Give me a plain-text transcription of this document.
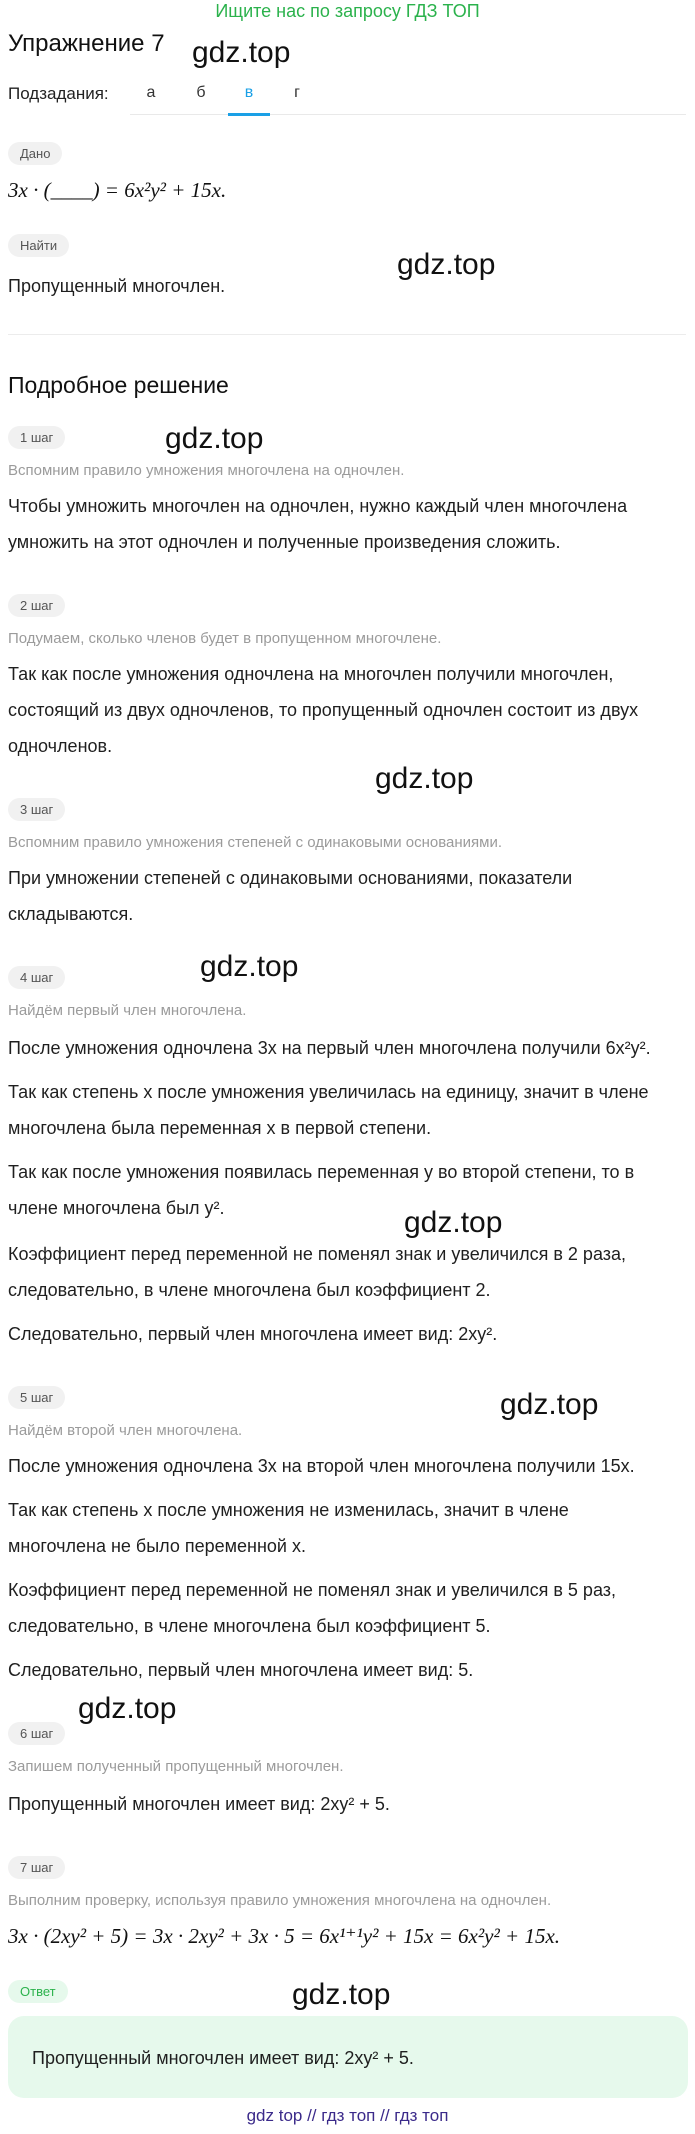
Ищите нас по запросу ГДЗ ТОП
Упражнение 7 gdz.top
gdz.top
gdz.top
gdz.top
gdz.top
gdz.top
gdz.top
gdz.top
gdz.top
Подзадания:	а	б	в	г
Дано
3x · (____) = 6x²y² + 15x.
Найти
Пропущенный многочлен.
Подробное решение
1 шаг
Вспомним правило умножения многочлена на одночлен.
Чтобы умножить многочлен на одночлен, нужно каждый член многочлена
умножить на этот одночлен и полученные произведения сложить.
2 шаг
Подумаем, сколько членов будет в пропущенном многочлене.
Так как после умножения одночлена на многочлен получили многочлен,
состоящий из двух одночленов, то пропущенный одночлен состоит из двух
одночленов.
3 шаг
Вспомним правило умножения степеней с одинаковыми основаниями.
При умножении степеней с одинаковыми основаниями, показатели
складываются.
4 шаг
Найдём первый член многочлена.
После умножения одночлена 3x на первый член многочлена получили 6x²y².
Так как степень x после умножения увеличилась на единицу, значит в члене
многочлена была переменная x в первой степени.
Так как после умножения появилась переменная y во второй степени, то в
члене многочлена был y².
Коэффициент перед переменной не поменял знак и увеличился в 2 раза,
следовательно, в члене многочлена был коэффициент 2.
Следовательно, первый член многочлена имеет вид: 2xy².
5 шаг
Найдём второй член многочлена.
После умножения одночлена 3x на второй член многочлена получили 15x.
Так как степень x после умножения не изменилась, значит в члене
многочлена не было переменной x.
Коэффициент перед переменной не поменял знак и увеличился в 5 раз,
следовательно, в члене многочлена был коэффициент 5.
Следовательно, первый член многочлена имеет вид: 5.
6 шаг
Запишем полученный пропущенный многочлен.
Пропущенный многочлен имеет вид: 2xy² + 5.
7 шаг
Выполним проверку, используя правило умножения многочлена на одночлен.
3x · (2xy² + 5) = 3x · 2xy² + 3x · 5 = 6x¹⁺¹y² + 15x = 6x²y² + 15x.
Ответ
Пропущенный многочлен имеет вид: 2xy² + 5.
gdz top // гдз топ // гдз топ
